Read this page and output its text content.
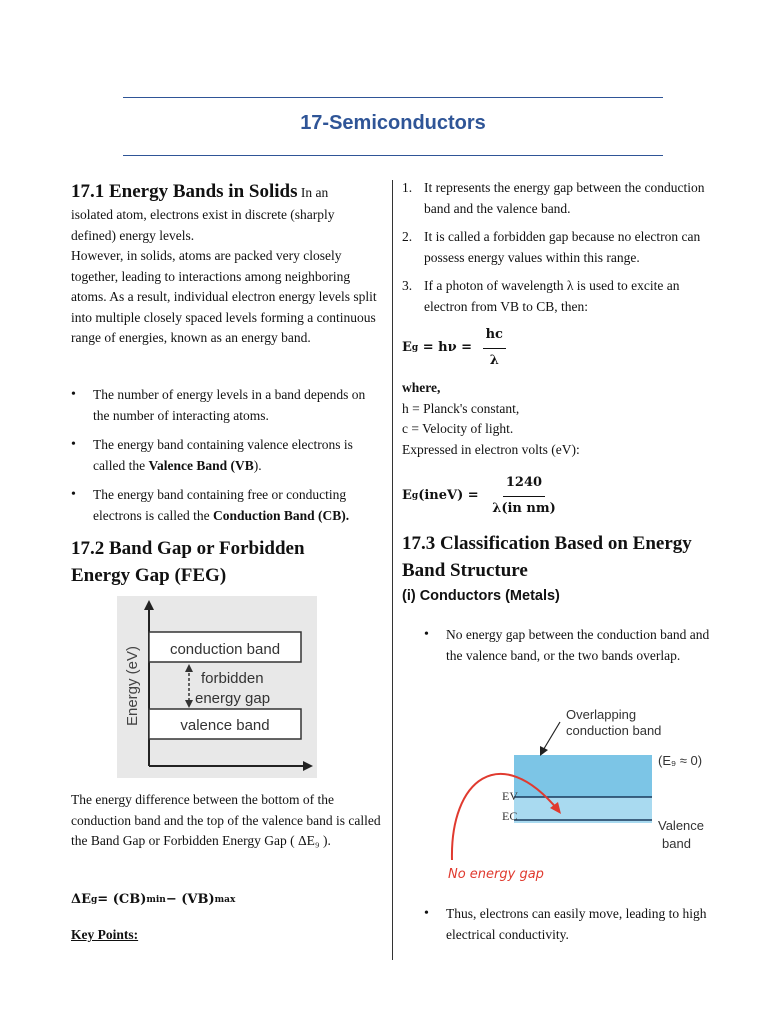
17-Semiconductors

17.1 Energy Bands in Solids In an

isolated atom, electrons exist in discrete (sharply

defined) energy levels.

However, in solids, atoms are packed very closely together, leading to interactions among neighboring atoms. As a result, individual electron energy levels split into multiple closely spaced levels forming a continuous range of energies, known as an energy band.

• The number of energy levels in a band depends on the number of interacting atoms.
• The energy band containing valence electrons is called the Valence Band (VB).
• The energy band containing free or conducting electrons is called the Conduction Band (CB).
17.2 Band Gap or Forbidden Energy Gap (FEG)
Energy (eV) conduction band
forbidden
energy gap
valence band
The energy difference between the bottom of the conduction band and the top of the valence band is called the Band Gap or Forbidden Energy Gap ( ΔE₉ ).
ΔE g = (CB) min − (VB) max
Key Points:
1. It represents the energy gap between the conduction band and the valence band.
2. It is called a forbidden gap because no electron can possess energy values within this range.
3. If a photon of wavelength λ is used to excite an electron from VB to CB, then:
E $g = h\nu = \frac{hc}{\lambda}$

where,

h = Planck's constant,

c = Velocity of light.

Expressed in electron volts (eV):

E g (ineV) = $\frac{1240}{\text{λ(in nm)}}$
17.3 Classification Based on Energy Band Structure
(i) Conductors (Metals)
• No energy gap between the conduction band and the valence band, or the two bands overlap.
Overlapping
conduction band
(E₉ ≈ 0)
EV
EC
Valence
band
No energy gap
• Thus, electrons can easily move, leading to high electrical conductivity.
